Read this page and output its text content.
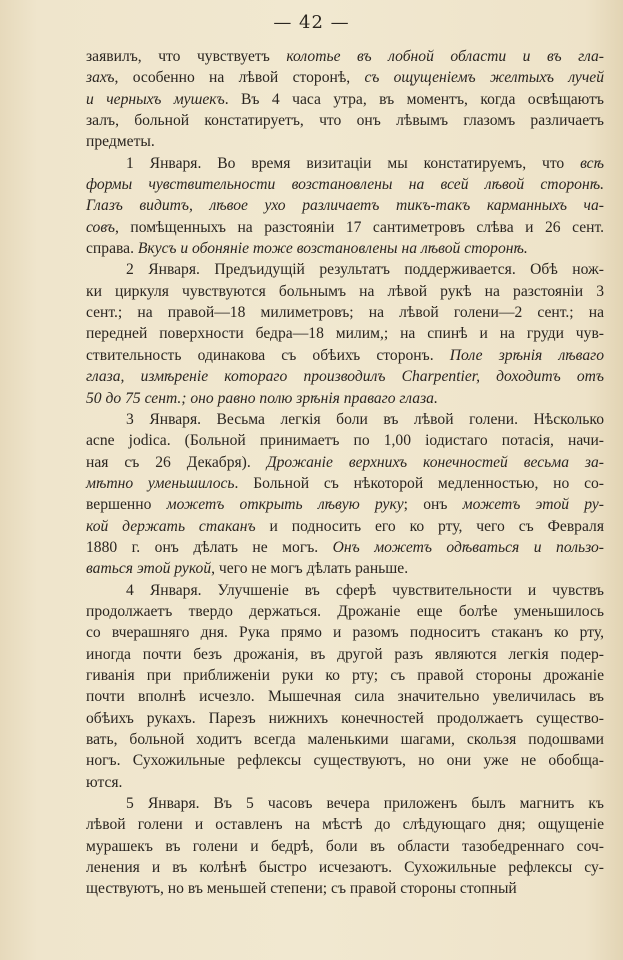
— 42 —
заявилъ, что чувствуетъ колотье въ лобной области и въ гла-
захъ, особенно на лѣвой сторонѣ, съ ощущеніемъ желтыхъ лучей
и черныхъ мушекъ. Въ 4 часа утра, въ моментъ, когда освѣщаютъ
залъ, больной констатируетъ, что онъ лѣвымъ глазомъ различаетъ
предметы.
1 Января. Во время визитаціи мы констатируемъ, что всѣ
формы чувствительности возстановлены на всей лѣвой сторонѣ.
Глазъ видитъ, лѣвое ухо различаетъ тикъ-такъ карманныхъ ча-
совъ, помѣщенныхъ на разстояніи 17 сантиметровъ слѣва и 26 сент.
справа. Вкусъ и обоняніе тоже возстановлены на лѣвой сторонѣ.
2 Января. Предъидущій результатъ поддерживается. Обѣ нож-
ки циркуля чувствуются больнымъ на лѣвой рукѣ на разстояніи 3
сент.; на правой—18 милиметровъ; на лѣвой голени—2 сент.; на
передней поверхности бедра—18 милим,; на спинѣ и на груди чув-
ствительность одинакова съ обѣихъ сторонъ. Поле зрѣнія лѣваго
глаза, измѣреніе котораго производилъ Charpentier, доходитъ отъ
50 до 75 сент.; оно равно полю зрѣнія праваго глаза.
3 Января. Весьма легкія боли въ лѣвой голени. Нѣсколько
асnе јodica. (Больной принимаетъ по 1,00 іодистаго потасія, начи-
ная съ 26 Декабря). Дрожаніе верхнихъ конечностей весьма за-
мѣтно уменьшилось. Больной съ нѣкоторой медленностью, но со-
вершенно можетъ открыть лѣвую руку; онъ можетъ этой ру-
кой держать стаканъ и подносить его ко рту, чего съ Февраля
1880 г. онъ дѣлать не могъ. Онъ можетъ одѣваться и пользо-
ваться этой рукой, чего не могъ дѣлать раньше.
4 Января. Улучшеніе въ сферѣ чувствительности и чувствъ
продолжаетъ твердо держаться. Дрожаніе еще болѣе уменьшилось
со вчерашняго дня. Рука прямо и разомъ подноситъ стаканъ ко рту,
иногда почти безъ дрожанія, въ другой разъ являются легкія подер-
гиванія при приближеніи руки ко рту; съ правой стороны дрожаніе
почти вполнѣ исчезло. Мышечная сила значительно увеличилась въ
обѣихъ рукахъ. Парезъ нижнихъ конечностей продолжаетъ существо-
вать, больной ходитъ всегда маленькими шагами, скользя подошвами
ногъ. Сухожильные рефлексы существуютъ, но они уже не обобща-
ются.
5 Января. Въ 5 часовъ вечера приложенъ былъ магнитъ къ
лѣвой голени и оставленъ на мѣстѣ до слѣдующаго дня; ощущеніе
мурашекъ въ голени и бедрѣ, боли въ области тазобедреннаго соч-
ленения и въ колѣнѣ быстро исчезаютъ. Сухожильные рефлексы су-
ществуютъ, но въ меньшей степени; съ правой стороны стопный
